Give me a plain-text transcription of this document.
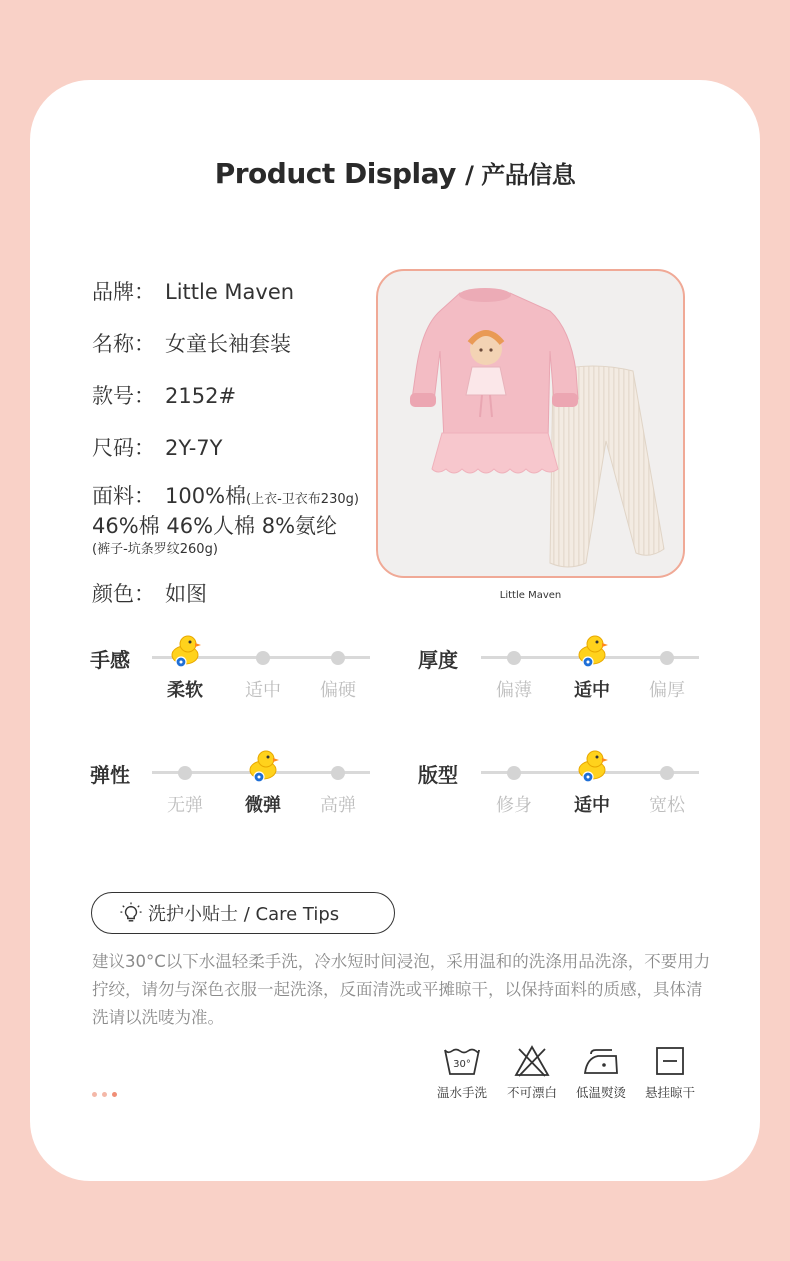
Product Display / 产品信息
品牌： Little Maven
名称： 女童长袖套装
款号： 2152#
尺码： 2Y-7Y
面料： 100%棉(上衣-卫衣布230g)
46%棉 46%人棉 8%氨纶
(裤子-坑条罗纹260g)
颜色： 如图	Little Maven
手感
柔软	适中	偏硬
厚度
偏薄	适中	偏厚
弹性
无弹	微弹	高弹
版型
修身	适中	宽松
洗护小贴士 / Care Tips
建议30°C以下水温轻柔手洗，冷水短时间浸泡，采用温和的洗涤用品洗涤，不要用力拧绞，请勿与深色衣服一起洗涤，反面清洗或平摊晾干，以保持面料的质感，具体清洗请以洗唛为准。
30°
温水手洗	不可漂白	低温熨烫	悬挂晾干
